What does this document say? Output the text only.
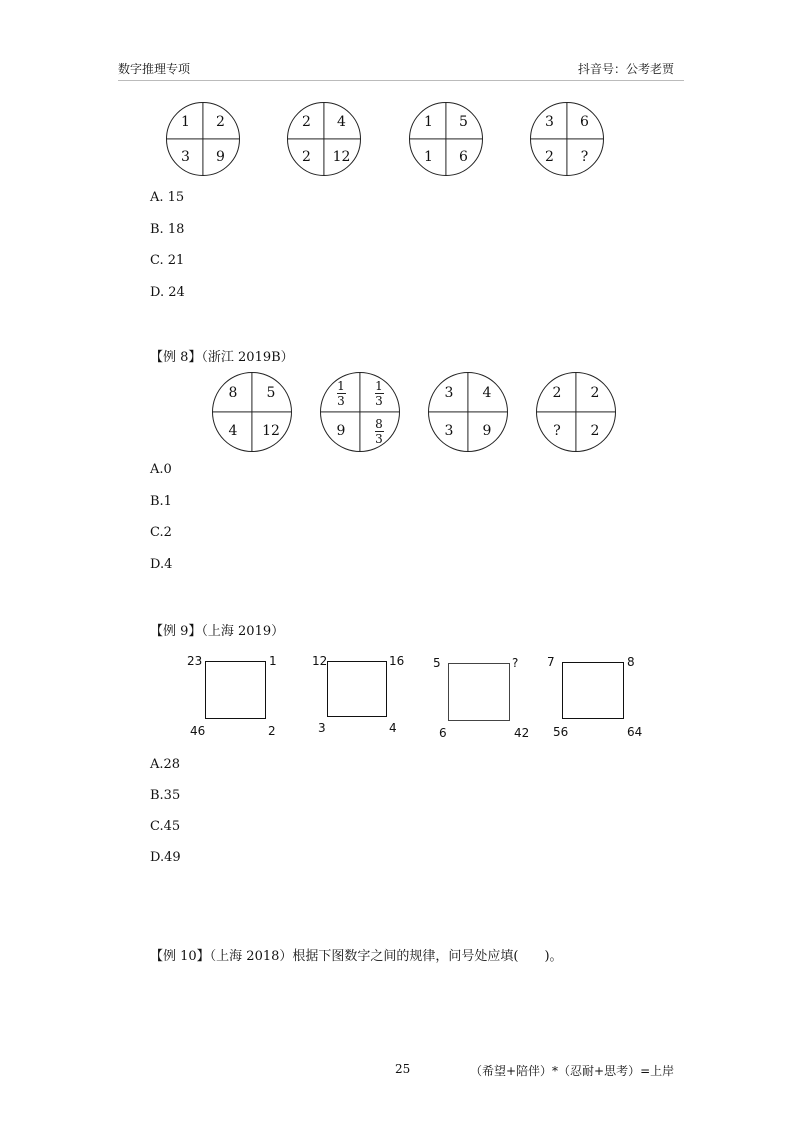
数字推理专项	抖音号：公考老贾
1	2
3	9
2	4
2	12
1	5
1	6
3	6
2	?
A. 15
B. 18
C. 21
D. 24
【例 8】（浙江 2019B）
8	5
4	12
$\frac{1}{3} \frac{1}{3}$
9	$\frac{8}{3}$
3	4
3	9
2	2
?	2
A.0
B.1
C.2
D.4
【例 9】（上海 2019）
23	1
46	2
12	16
3	4
5	?
6	42
7	8
56	64
A.28
B.35
C.45
D.49
【例 10】（上海 2018）根据下图数字之间的规律，问号处应填(　　)。
25	（希望+陪伴）*（忍耐+思考）=上岸
